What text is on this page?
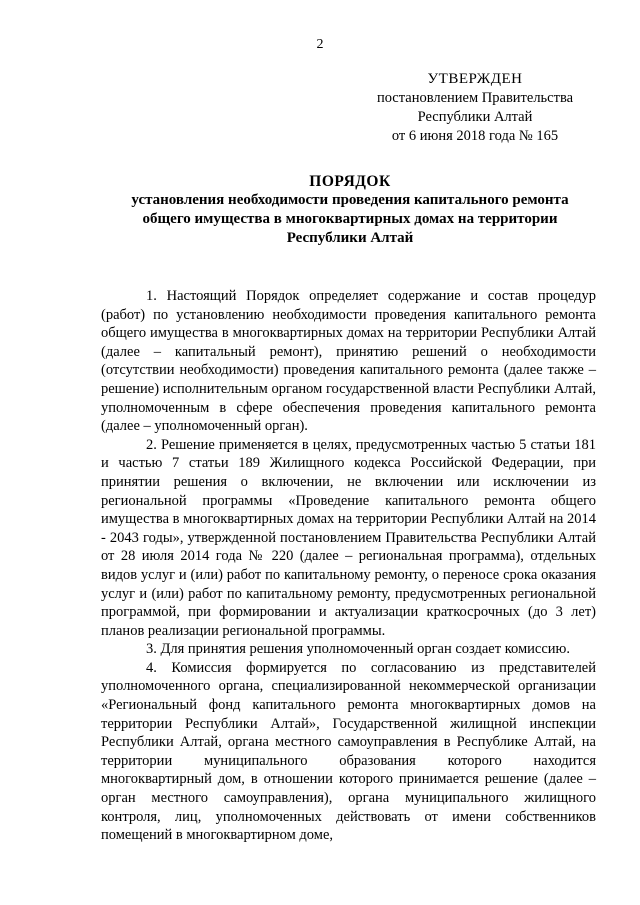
2
УТВЕРЖДЕН
постановлением Правительства
Республики Алтай
от 6 июня 2018 года № 165
ПОРЯДОК
установления необходимости проведения капитального ремонта
общего имущества в многоквартирных домах на территории
Республики Алтай

1. Настоящий Порядок определяет содержание и состав процедур (работ) по установлению необходимости проведения капитального ремонта общего имущества в многоквартирных домах на территории Республики Алтай (далее – капитальный ремонт), принятию решений о необходимости (отсутствии необходимости) проведения капитального ремонта (далее также – решение) исполнительным органом государственной власти Республики Алтай, уполномоченным в сфере обеспечения проведения капитального ремонта (далее – уполномоченный орган).

2. Решение применяется в целях, предусмотренных частью 5 статьи 181 и частью 7 статьи 189 Жилищного кодекса Российской Федерации, при принятии решения о включении, не включении или исключении из региональной программы «Проведение капитального ремонта общего имущества в многоквартирных домах на территории Республики Алтай на 2014 - 2043 годы», утвержденной постановлением Правительства Республики Алтай от 28 июля 2014 года № 220 (далее – региональная программа), отдельных видов услуг и (или) работ по капитальному ремонту, о переносе срока оказания услуг и (или) работ по капитальному ремонту, предусмотренных региональной программой, при формировании и актуализации краткосрочных (до 3 лет) планов реализации региональной программы.

3. Для принятия решения уполномоченный орган создает комиссию.

4. Комиссия формируется по согласованию из представителей уполномоченного органа, специализированной некоммерческой организации «Региональный фонд капитального ремонта многоквартирных домов на территории Республики Алтай», Государственной жилищной инспекции Республики Алтай, органа местного самоуправления в Республике Алтай, на территории муниципального образования которого находится многоквартирный дом, в отношении которого принимается решение (далее – орган местного самоуправления), органа муниципального жилищного контроля, лиц, уполномоченных действовать от имени собственников помещений в многоквартирном доме,
